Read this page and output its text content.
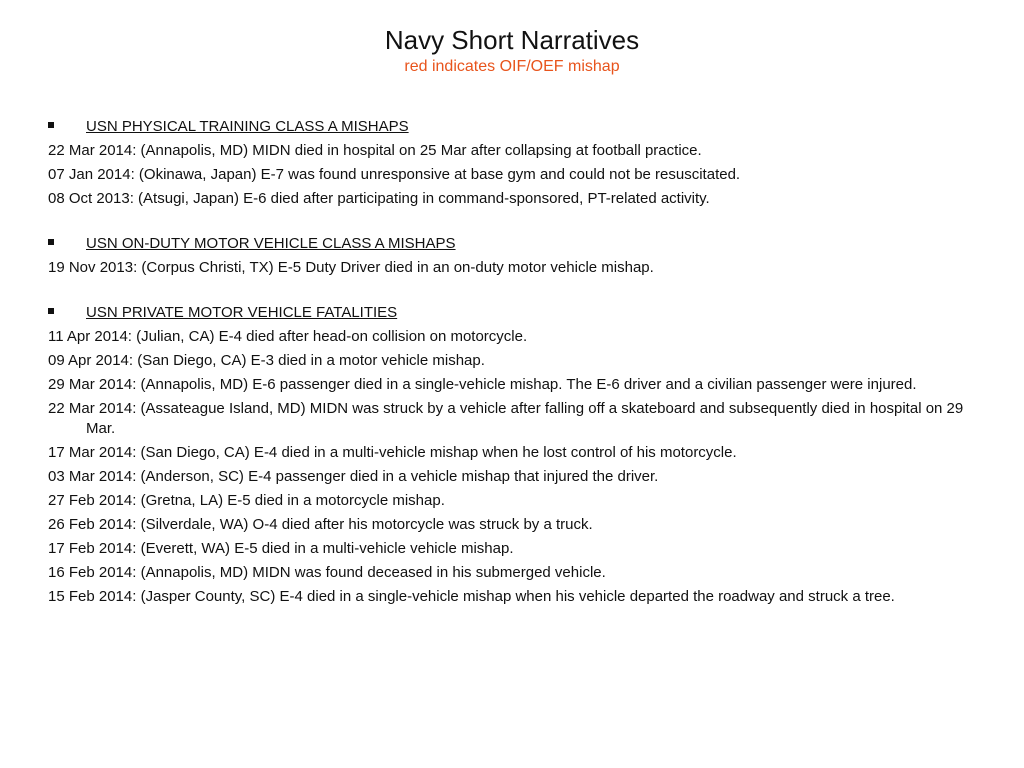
Navy Short Narratives
red indicates OIF/OEF mishap
USN PHYSICAL TRAINING CLASS A MISHAPS
22 Mar 2014: (Annapolis, MD) MIDN died in hospital on 25 Mar after collapsing at football practice.
07 Jan 2014: (Okinawa, Japan) E-7 was found unresponsive at base gym and could not be resuscitated.
08 Oct 2013: (Atsugi, Japan) E-6 died after participating in command-sponsored, PT-related activity.
USN ON-DUTY MOTOR VEHICLE CLASS A MISHAPS
19 Nov 2013: (Corpus Christi, TX) E-5 Duty Driver died in an on-duty motor vehicle mishap.
USN PRIVATE MOTOR VEHICLE FATALITIES
11 Apr 2014: (Julian, CA) E-4 died after head-on collision on motorcycle.
09 Apr 2014: (San Diego, CA) E-3 died in a motor vehicle mishap.
29 Mar 2014: (Annapolis, MD) E-6 passenger died in a single-vehicle mishap. The E-6 driver and a civilian passenger were injured.
22 Mar 2014: (Assateague Island, MD) MIDN was struck by a vehicle after falling off a skateboard and subsequently died in hospital on 29 Mar.
17 Mar 2014: (San Diego, CA) E-4 died in a multi-vehicle mishap when he lost control of his motorcycle.
03 Mar 2014: (Anderson, SC) E-4 passenger died in a vehicle mishap that injured the driver.
27 Feb 2014: (Gretna, LA) E-5 died in a motorcycle mishap.
26 Feb 2014: (Silverdale, WA) O-4 died after his motorcycle was struck by a truck.
17 Feb 2014: (Everett, WA) E-5 died in a multi-vehicle vehicle mishap.
16 Feb 2014: (Annapolis, MD) MIDN was found deceased in his submerged vehicle.
15 Feb 2014: (Jasper County, SC) E-4 died in a single-vehicle mishap when his vehicle departed the roadway and struck a tree.
